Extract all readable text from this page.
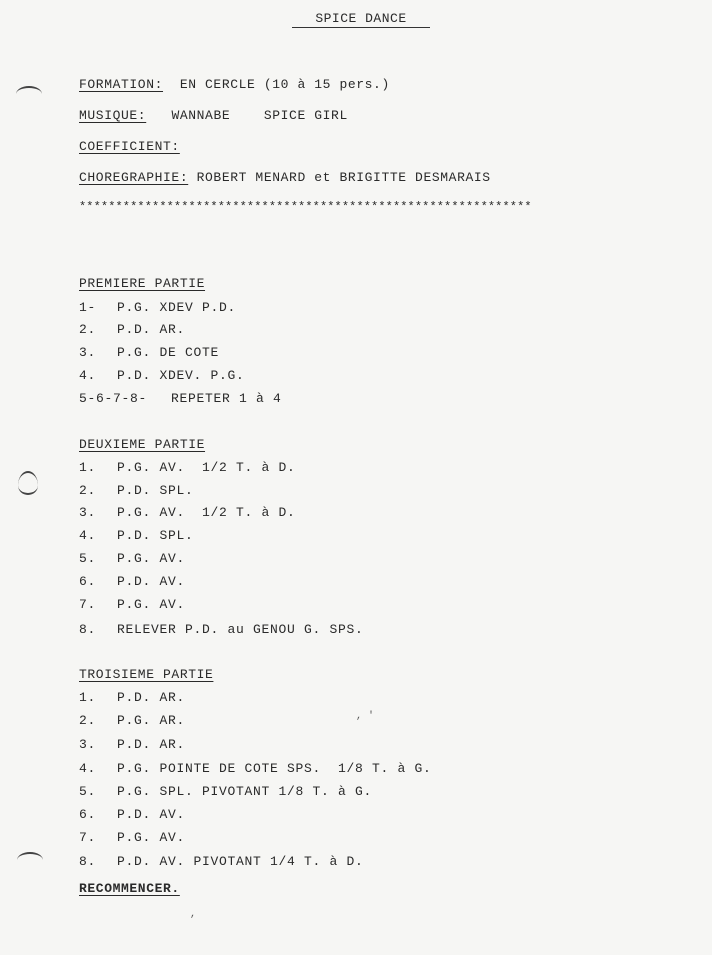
SPICE DANCE
FORMATION: EN CERCLE (10 à 15 pers.)
MUSIQUE: WANNABE    SPICE GIRL
COEFFICIENT:
CHOREGRAPHIE: ROBERT MENARD et BRIGITTE DESMARAIS
**************************************************************
PREMIERE PARTIE
1- P.G. XDEV P.D.
2. P.D. AR.
3. P.G. DE COTE
4. P.D. XDEV. P.G.
5-6-7-8- REPETER 1 à 4
DEUXIEME PARTIE
1. P.G. AV.  1/2 T. à D.
2. P.D. SPL.
3. P.G. AV.  1/2 T. à D.
4. P.D. SPL.
5. P.G. AV.
6. P.D. AV.
7. P.G. AV.
8. RELEVER P.D. au GENOU G. SPS.
TROISIEME PARTIE
1. P.D. AR.
2. P.G. AR.
3. P.D. AR.
4. P.G. POINTE DE COTE SPS.  1/8 T. à G.
5. P.G. SPL. PIVOTANT 1/8 T. à G.
6. P.D. AV.
7. P.G. AV.
8. P.D. AV. PIVOTANT 1/4 T. à D.
RECOMMENCER.
, '
,
